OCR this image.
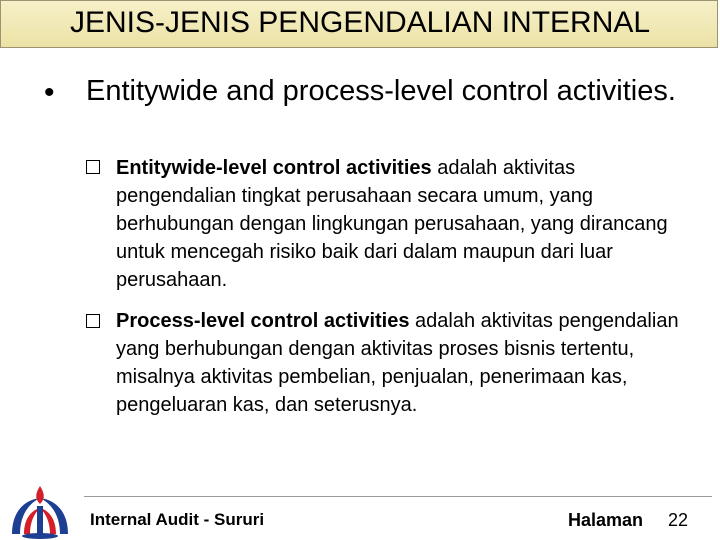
JENIS-JENIS PENGENDALIAN INTERNAL
• Entitywide and process-level control activities.
Entitywide-level control activities adalah aktivitas pengendalian tingkat perusahaan secara umum, yang berhubungan dengan lingkungan perusahaan, yang dirancang untuk mencegah risiko baik dari dalam maupun dari luar perusahaan.
Process-level control activities adalah aktivitas pengendalian yang berhubungan dengan aktivitas proses bisnis tertentu, misalnya aktivitas pembelian, penjualan, penerimaan kas, pengeluaran kas, dan seterusnya.
Internal Audit - Sururi	Halaman 22
